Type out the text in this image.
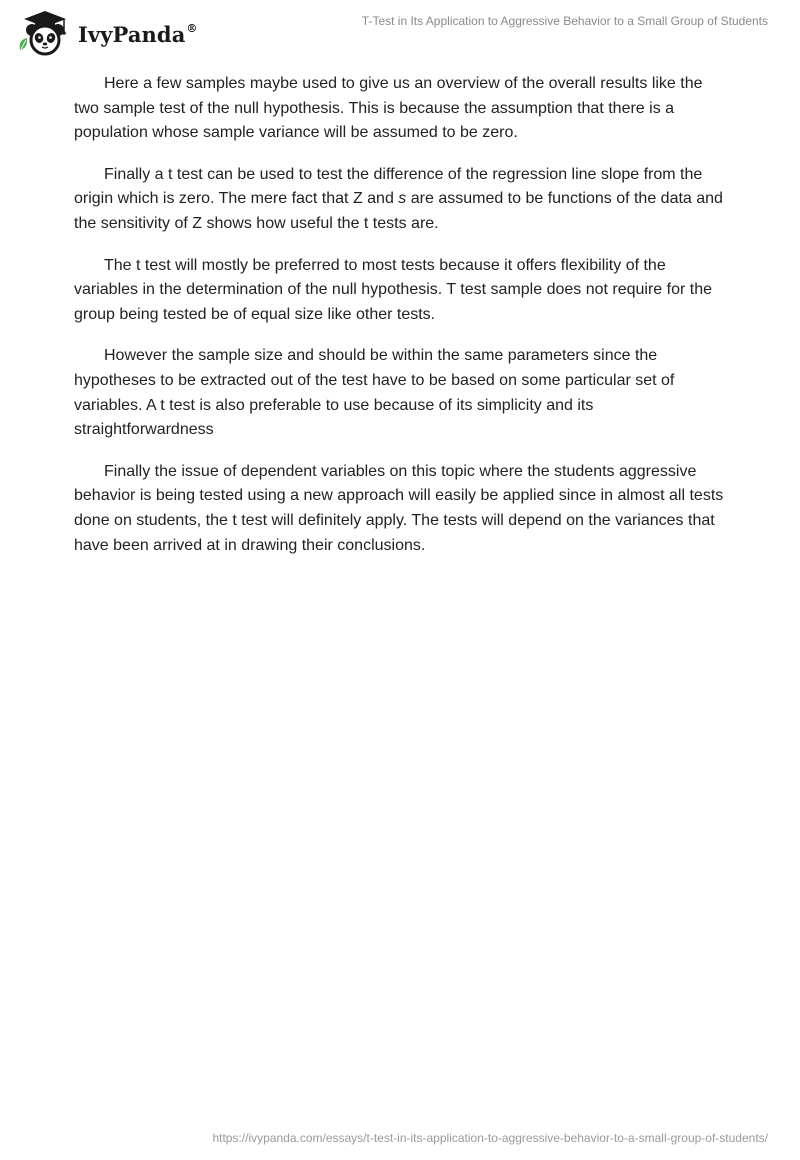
IvyPanda®	T-Test in Its Application to Aggressive Behavior to a Small Group of Students

Here a few samples maybe used to give us an overview of the overall results like the two sample test of the null hypothesis. This is because the assumption that there is a population whose sample variance will be assumed to be zero.

Finally a t test can be used to test the difference of the regression line slope from the origin which is zero. The mere fact that Z and s are assumed to be functions of the data and the sensitivity of Z shows how useful the t tests are.

The t test will mostly be preferred to most tests because it offers flexibility of the variables in the determination of the null hypothesis. T test sample does not require for the group being tested be of equal size like other tests.

However the sample size and should be within the same parameters since the hypotheses to be extracted out of the test have to be based on some particular set of variables. A t test is also preferable to use because of its simplicity and its straightforwardness

Finally the issue of dependent variables on this topic where the students aggressive behavior is being tested using a new approach will easily be applied since in almost all tests done on students, the t test will definitely apply. The tests will depend on the variances that have been arrived at in drawing their conclusions.

https://ivypanda.com/essays/t-test-in-its-application-to-aggressive-behavior-to-a-small-group-of-students/
